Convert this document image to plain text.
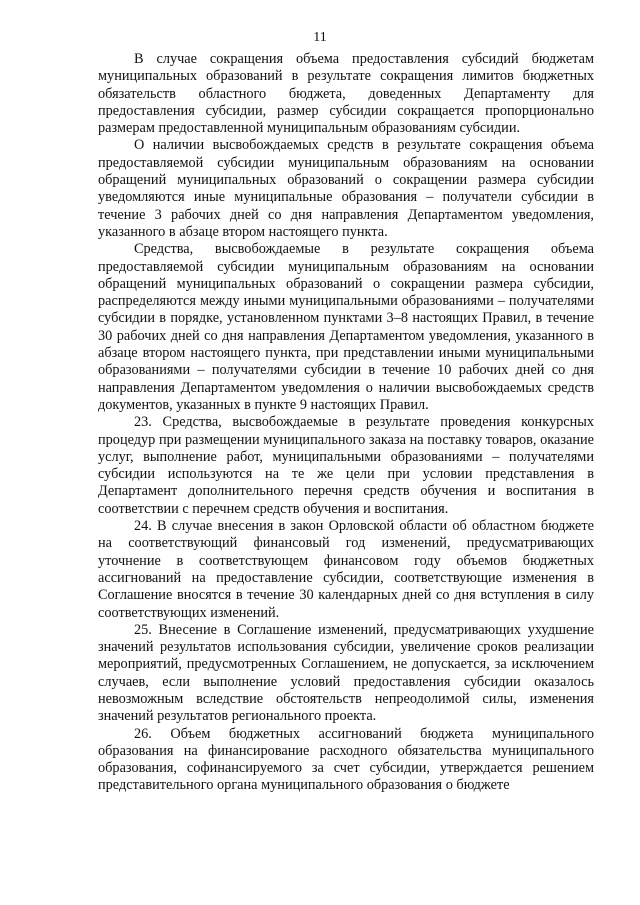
11

В случае сокращения объема предоставления субсидий бюджетам муниципальных образований в результате сокращения лимитов бюджетных обязательств областного бюджета, доведенных Департаменту для предоставления субсидии, размер субсидии сокращается пропорционально размерам предоставленной муниципальным образованиям субсидии.

О наличии высвобождаемых средств в результате сокращения объема предоставляемой субсидии муниципальным образованиям на основании обращений муниципальных образований о сокращении размера субсидии уведомляются иные муниципальные образования – получатели субсидии в течение 3 рабочих дней со дня направления Департаментом уведомления, указанного в абзаце втором настоящего пункта.

Средства, высвобождаемые в результате сокращения объема предоставляемой субсидии муниципальным образованиям на основании обращений муниципальных образований о сокращении размера субсидии, распределяются между иными муниципальными образованиями – получателями субсидии в порядке, установленном пунктами 3–8 настоящих Правил, в течение 30 рабочих дней со дня направления Департаментом уведомления, указанного в абзаце втором настоящего пункта, при представлении иными муниципальными образованиями – получателями субсидии в течение 10 рабочих дней со дня направления Департаментом уведомления о наличии высвобождаемых средств документов, указанных в пункте 9 настоящих Правил.

23. Средства, высвобождаемые в результате проведения конкурсных процедур при размещении муниципального заказа на поставку товаров, оказание услуг, выполнение работ, муниципальными образованиями – получателями субсидии используются на те же цели при условии представления в Департамент дополнительного перечня средств обучения и воспитания в соответствии с перечнем средств обучения и воспитания.

24. В случае внесения в закон Орловской области об областном бюджете на соответствующий финансовый год изменений, предусматривающих уточнение в соответствующем финансовом году объемов бюджетных ассигнований на предоставление субсидии, соответствующие изменения в Соглашение вносятся в течение 30 календарных дней со дня вступления в силу соответствующих изменений.

25. Внесение в Соглашение изменений, предусматривающих ухудшение значений результатов использования субсидии, увеличение сроков реализации мероприятий, предусмотренных Соглашением, не допускается, за исключением случаев, если выполнение условий предоставления субсидии оказалось невозможным вследствие обстоятельств непреодолимой силы, изменения значений результатов регионального проекта.

26. Объем бюджетных ассигнований бюджета муниципального образования на финансирование расходного обязательства муниципального образования, софинансируемого за счет субсидии, утверждается решением представительного органа муниципального образования о бюджете
